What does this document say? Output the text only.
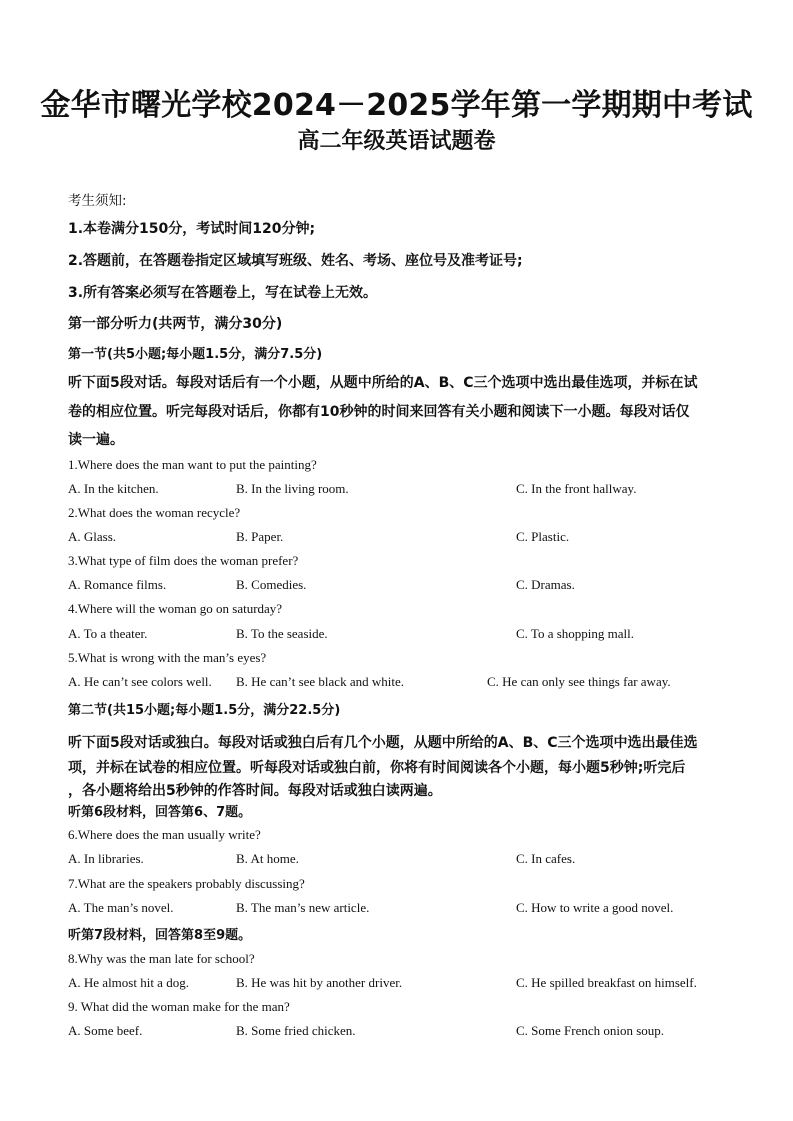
金华市曙光学校2024－2025学年第一学期期中考试
高二年级英语试题卷
考生须知:
1.本卷满分150分，考试时间120分钟;
2.答题前，在答题卷指定区域填写班级、姓名、考场、座位号及准考证号;
3.所有答案必须写在答题卷上，写在试卷上无效。
第一部分听力(共两节，满分30分)
第一节(共5小题;每小题1.5分，满分7.5分)
听下面5段对话。每段对话后有一个小题，从题中所给的A、B、C三个选项中选出最佳选项，并标在试
卷的相应位置。听完每段对话后，你都有10秒钟的时间来回答有关小题和阅读下一小题。每段对话仅
读一遍。
1.Where does the man want to put the painting?
A. In the kitchen.	B. In the living room.	C. In the front hallway.
2.What does the woman recycle?
A. Glass.	B. Paper.	C. Plastic.
3.What type of film does the woman prefer?
A. Romance films.	B. Comedies.	C. Dramas.
4.Where will the woman go on saturday?
A. To a theater.	B. To the seaside.	C. To a shopping mall.
5.What is wrong with the man’s eyes?
A. He can’t see colors well. B. He can’t see black and white.	C. He can only see things far away.
第二节(共15小题;每小题1.5分，满分22.5分)
听下面5段对话或独白。每段对话或独白后有几个小题，从题中所给的A、B、C三个选项中选出最佳选
项，并标在试卷的相应位置。听每段对话或独白前，你将有时间阅读各个小题，每小题5秒钟;听完后
，各小题将给出5秒钟的作答时间。每段对话或独白读两遍。
听第6段材料，回答第6、7题。
6.Where does the man usually write?
A. In libraries.	B. At home.	C. In cafes.
7.What are the speakers probably discussing?
A. The man’s novel.	B. The man’s new article.	C. How to write a good novel.
听第7段材料，回答第8至9题。
8.Why was the man late for school?
A. He almost hit a dog.	B. He was hit by another driver.	C. He spilled breakfast on himself.
9. What did the woman make for the man?
A. Some beef.	B. Some fried chicken.	C. Some French onion soup.
